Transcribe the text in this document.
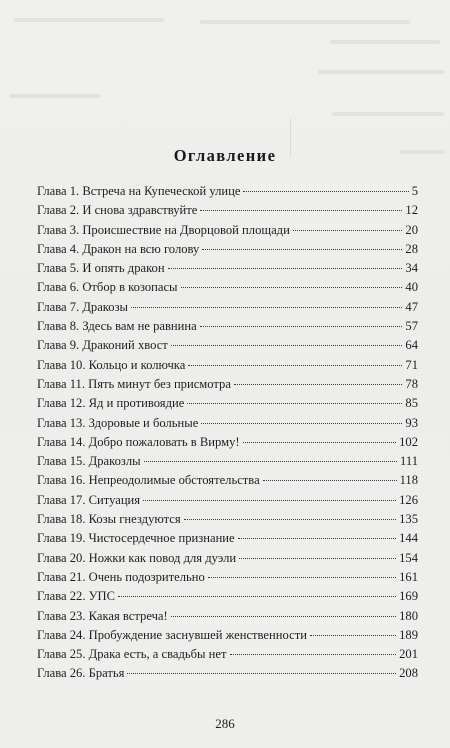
Оглавление
Глава 1. Встреча на Купеческой улице	5
Глава 2. И снова здравствуйте	12
Глава 3. Происшествие на Дворцовой площади	20
Глава 4. Дракон на всю голову	28
Глава 5. И опять дракон	34
Глава 6. Отбор в козопасы	40
Глава 7. Дракозы	47
Глава 8. Здесь вам не равнина	57
Глава 9. Драконий хвост	64
Глава 10. Кольцо и колючка	71
Глава 11. Пять минут без присмотра	78
Глава 12. Яд и противоядие	85
Глава 13. Здоровые и больные	93
Глава 14. Добро пожаловать в Вирму!	102
Глава 15. Дракозлы	111
Глава 16. Непреодолимые обстоятельства	118
Глава 17. Ситуация	126
Глава 18. Козы гнездуются	135
Глава 19. Чистосердечное признание	144
Глава 20. Ножки как повод для дуэли	154
Глава 21. Очень подозрительно	161
Глава 22. УПС	169
Глава 23. Какая встреча!	180
Глава 24. Пробуждение заснувшей женственности	189
Глава 25. Драка есть, а свадьбы нет	201
Глава 26. Братья	208
286
